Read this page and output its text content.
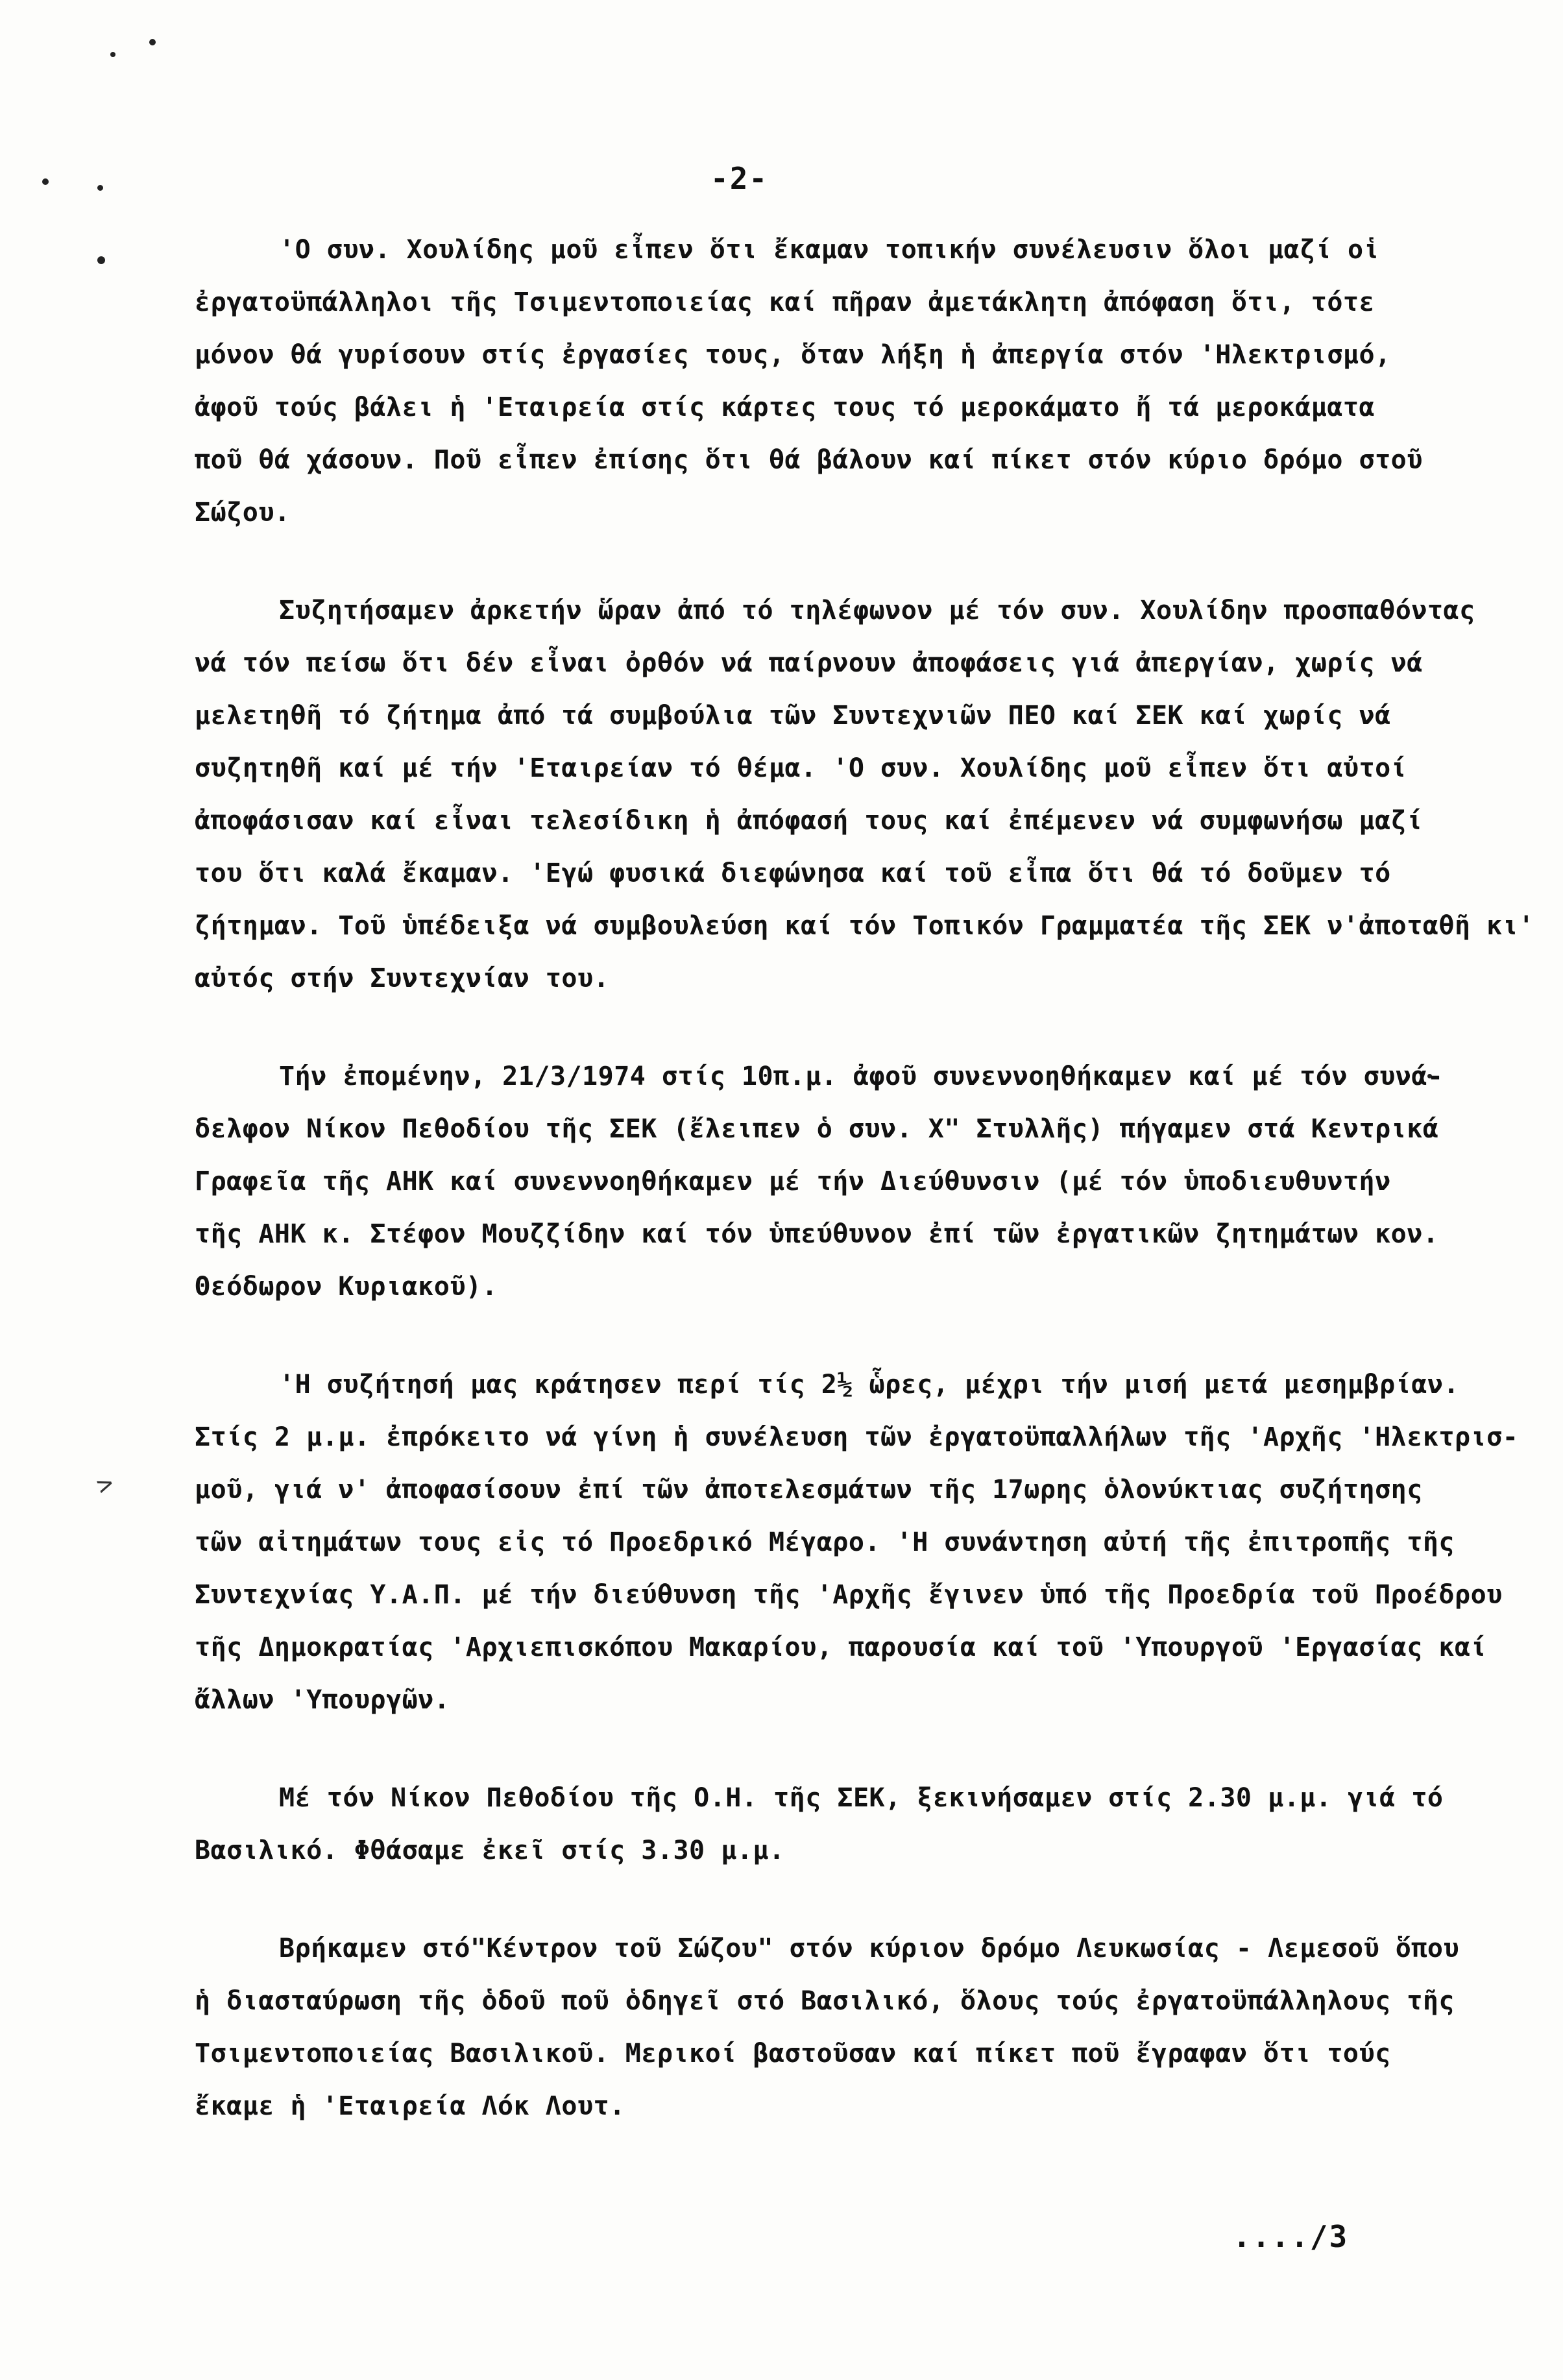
>
-2-
'Ο συν. Χουλίδης μοῦ εἶπεν ὅτι ἔκαμαν τοπικήν συνέλευσιν ὅλοι μαζί οἱ
ἐργατοϋπάλληλοι τῆς Τσιμεντοποιείας καί πῆραν ἀμετάκλητη ἀπόφαση ὅτι, τότε
μόνον θά γυρίσουν στίς ἐργασίες τους, ὅταν λήξη ἡ ἀπεργία στόν 'Ηλεκτρισμό,
ἀφοῦ τούς βάλει ἡ 'Εταιρεία στίς κάρτες τους τό μεροκάματο ἤ τά μεροκάματα
ποῦ θά χάσουν. Ποῦ εἶπεν ἐπίσης ὅτι θά βάλουν καί πίκετ στόν κύριο δρόμο στοῦ
Σώζου.
Συζητήσαμεν ἀρκετήν ὥραν ἀπό τό τηλέφωνον μέ τόν συν. Χουλίδην προσπαθόντας
νά τόν πείσω ὅτι δέν εἶναι ὀρθόν νά παίρνουν ἀποφάσεις γιά ἀπεργίαν, χωρίς νά
μελετηθῆ τό ζήτημα ἀπό τά συμβούλια τῶν Συντεχνιῶν ΠΕΟ καί ΣΕΚ καί χωρίς νά
συζητηθῆ καί μέ τήν 'Εταιρείαν τό θέμα. 'Ο συν. Χουλίδης μοῦ εἶπεν ὅτι αὐτοί
ἀποφάσισαν καί εἶναι τελεσίδικη ἡ ἀπόφασή τους καί ἐπέμενεν νά συμφωνήσω μαζί
του ὅτι καλά ἔκαμαν. 'Εγώ φυσικά διεφώνησα καί τοῦ εἶπα ὅτι θά τό δοῦμεν τό
ζήτημαν. Τοῦ ὑπέδειξα νά συμβουλεύση καί τόν Τοπικόν Γραμματέα τῆς ΣΕΚ ν'ἀποταθῆ κι'
αὐτός στήν Συντεχνίαν του.
Τήν ἐπομένην, 21/3/1974 στίς 10π.μ. ἀφοῦ συνεννοηθήκαμεν καί μέ τόν συνά-
δελφον Νίκον Πεθοδίου τῆς ΣΕΚ (ἔλειπεν ὁ συν. Χ" Στυλλῆς) πήγαμεν στά Κεντρικά
Γραφεῖα τῆς ΑΗΚ καί συνεννοηθήκαμεν μέ τήν Διεύθυνσιν (μέ τόν ὑποδιευθυντήν
τῆς ΑΗΚ κ. Στέφον Μουζζίδην καί τόν ὑπεύθυνον ἐπί τῶν ἐργατικῶν ζητημάτων κον.
Θεόδωρον Κυριακοῦ).
'Η συζήτησή μας κράτησεν περί τίς 2½ ὧρες, μέχρι τήν μισή μετά μεσημβρίαν.
Στίς 2 μ.μ. ἐπρόκειτο νά γίνη ἡ συνέλευση τῶν ἐργατοϋπαλλήλων τῆς 'Αρχῆς 'Ηλεκτρισ-
μοῦ, γιά ν' ἀποφασίσουν ἐπί τῶν ἀποτελεσμάτων τῆς 17ωρης ὁλονύκτιας συζήτησης
τῶν αἰτημάτων τους εἰς τό Προεδρικό Μέγαρο. 'Η συνάντηση αὐτή τῆς ἐπιτροπῆς τῆς
Συντεχνίας Υ.Α.Π. μέ τήν διεύθυνση τῆς 'Αρχῆς ἔγινεν ὑπό τῆς Προεδρία τοῦ Προέδρου
τῆς Δημοκρατίας 'Αρχιεπισκόπου Μακαρίου, παρουσία καί τοῦ 'Υπουργοῦ 'Εργασίας καί
ἄλλων 'Υπουργῶν.
Μέ τόν Νίκον Πεθοδίου τῆς Ο.Η. τῆς ΣΕΚ, ξεκινήσαμεν στίς 2.30 μ.μ. γιά τό
Βασιλικό. Φθάσαμε ἐκεῖ στίς 3.30 μ.μ.
Βρήκαμεν στό"Κέντρον τοῦ Σώζου" στόν κύριον δρόμο Λευκωσίας - Λεμεσοῦ ὅπου
ἡ διασταύρωση τῆς ὁδοῦ ποῦ ὁδηγεῖ στό Βασιλικό, ὅλους τούς ἐργατοϋπάλληλους τῆς
Τσιμεντοποιείας Βασιλικοῦ. Μερικοί βαστοῦσαν καί πίκετ ποῦ ἔγραφαν ὅτι τούς
ἔκαμε ἡ 'Εταιρεία Λόκ Λουτ.
..../3
